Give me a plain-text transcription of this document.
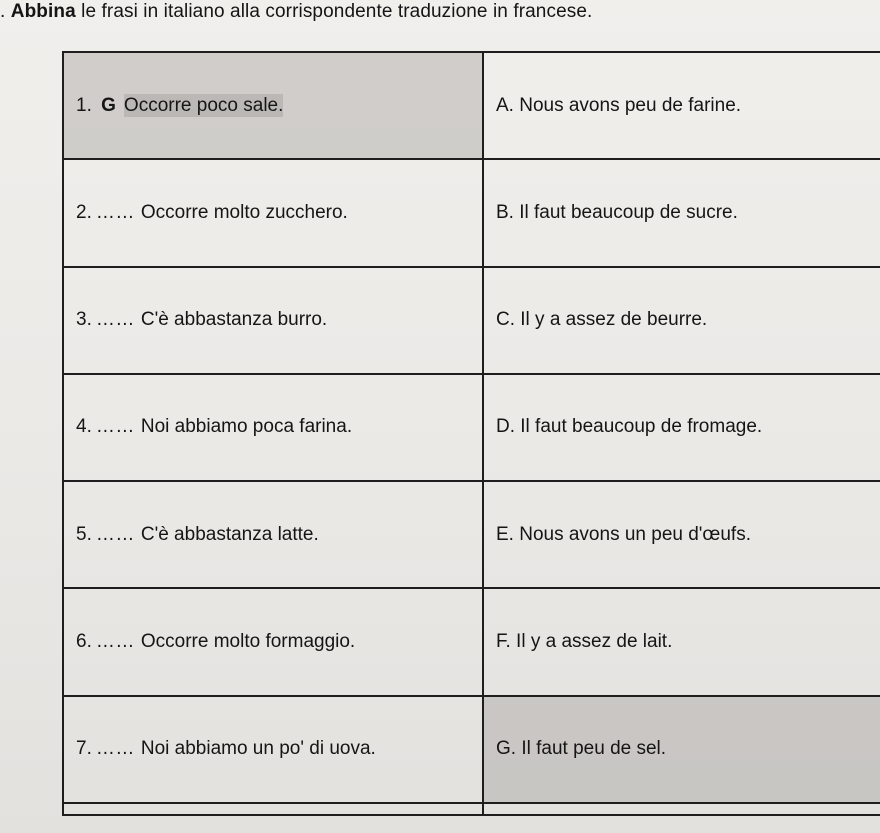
. Abbina le frasi in italiano alla corrispondente traduzione in francese.
1. G Occorre poco sale.	A. Nous avons peu de farine.
2. …… Occorre molto zucchero.	B. Il faut beaucoup de sucre.
3. …… C'è abbastanza burro.	C. Il y a assez de beurre.
4. …… Noi abbiamo poca farina.	D. Il faut beaucoup de fromage.
5. …… C'è abbastanza latte.	E. Nous avons un peu d'œufs.
6. …… Occorre molto formaggio.	F. Il y a assez de lait.
7. …… Noi abbiamo un po' di uova.	G. Il faut peu de sel.
